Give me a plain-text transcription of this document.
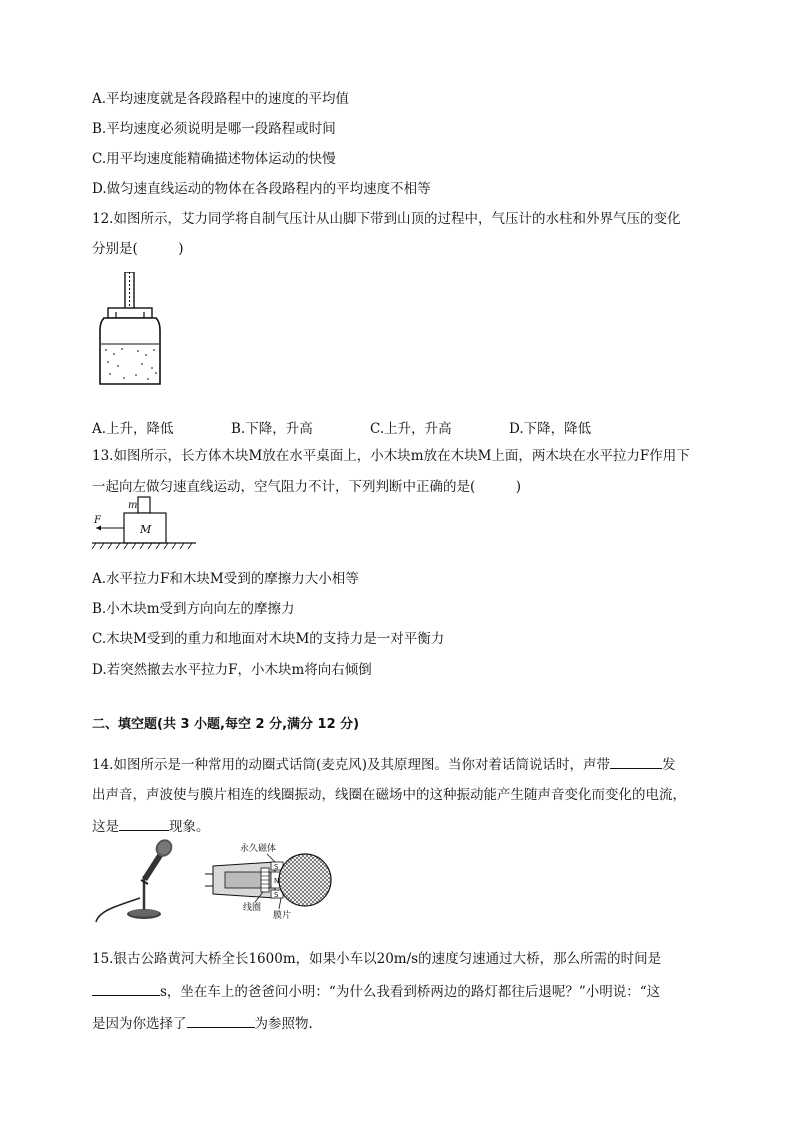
A.平均速度就是各段路程中的速度的平均值
B.平均速度必须说明是哪一段路程或时间
C.用平均速度能精确描述物体运动的快慢
D.做匀速直线运动的物体在各段路程内的平均速度不相等
12.如图所示，艾力同学将自制气压计从山脚下带到山顶的过程中，气压计的水柱和外界气压的变化
分别是(　　　)
A.上升，降低	B.下降，升高	C.上升，升高	D.下降，降低
13.如图所示，长方体木块M放在水平桌面上，小木块m放在木块M上面，两木块在水平拉力F作用下
一起向左做匀速直线运动，空气阻力不计，下列判断中正确的是(　　　)
m
M
F
A.水平拉力F和木块M受到的摩擦力大小相等
B.小木块m受到方向向左的摩擦力
C.木块M受到的重力和地面对木块M的支持力是一对平衡力
D.若突然撤去水平拉力F，小木块m将向右倾倒
二、填空题(共 3 小题,每空 2 分,满分 12 分)
14.如图所示是一种常用的动圈式话筒(麦克风)及其原理图。当你对着话筒说话时，声带	发
出声音，声波使与膜片相连的线圈振动，线圈在磁场中的这种振动能产生随声音变化而变化的电流，
这是	现象。
永久磁体
S
S
N
线圈
膜片
15.银古公路黄河大桥全长1600m，如果小车以20m/s的速度匀速通过大桥，那么所需的时间是
s，坐在车上的爸爸问小明：“为什么我看到桥两边的路灯都往后退呢？”小明说：“这
是因为你选择了	为参照物.
